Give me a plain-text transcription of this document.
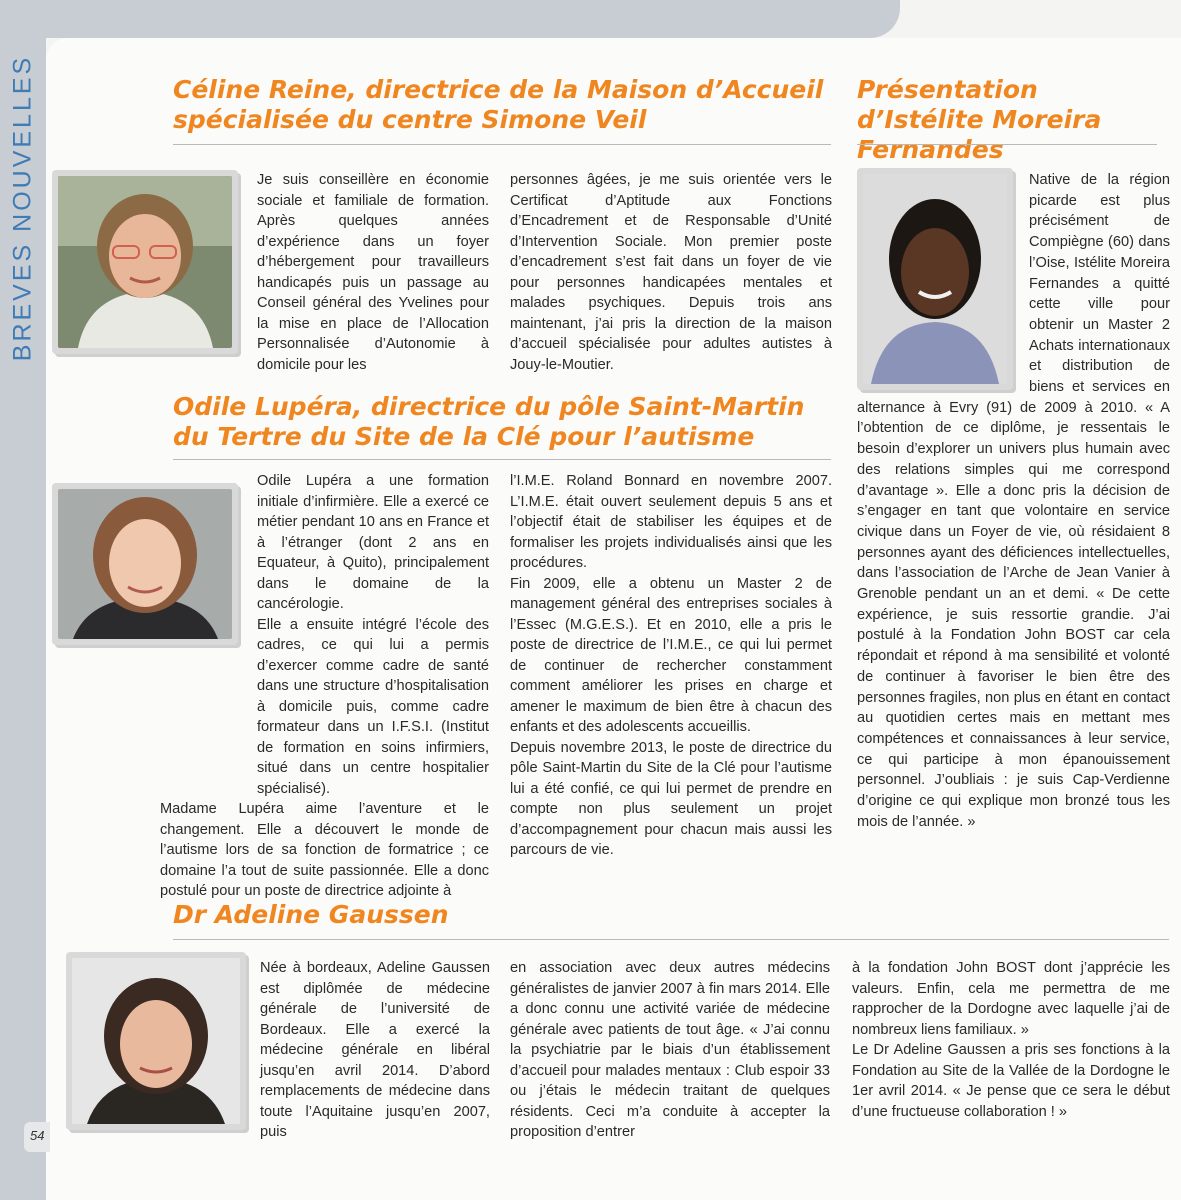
BREVES NOUVELLES	Céline Reine, directrice de la Maison d’Accueil spécialisée du centre Simone Veil
Je suis conseillère en économie sociale et familiale de formation. Après quelques années d’expérience dans un foyer d’hébergement pour travailleurs handicapés puis un passage au Conseil général des Yvelines pour la mise en place de l’Allocation Personnalisée d’Autonomie à domicile pour les
personnes âgées, je me suis orientée vers le Certificat d’Aptitude aux Fonctions d’Encadrement et de Responsable d’Unité d’Intervention Sociale. Mon premier poste d’encadrement s’est fait dans un foyer de vie pour personnes handicapées mentales et malades psychiques. Depuis trois ans maintenant, j’ai pris la direction de la maison d’accueil spécialisée pour adultes autistes à Jouy-le-Moutier.
Odile Lupéra, directrice du pôle Saint-Martin du Tertre du Site de la Clé pour l’autisme

Odile Lupéra a une formation initiale d’infirmière. Elle a exercé ce métier pendant 10 ans en France et à l’étranger (dont 2 ans en Equateur, à Quito), principalement dans le domaine de la cancérologie.

Elle a ensuite intégré l’école des cadres, ce qui lui a permis d’exercer comme cadre de santé dans une structure d’hospitalisation à domicile puis, comme cadre formateur dans un I.F.S.I. (Institut de formation en soins infirmiers, situé dans un centre hospitalier spécialisé).

Madame Lupéra aime l’aventure et le changement. Elle a découvert le monde de l’autisme lors de sa fonction de formatrice ; ce domaine l’a tout de suite passionnée. Elle a donc postulé pour un poste de directrice adjointe à

l’I.M.E. Roland Bonnard en novembre 2007. L’I.M.E. était ouvert seulement depuis 5 ans et l’objectif était de stabiliser les équipes et de formaliser les projets individualisés ainsi que les procédures.

Fin 2009, elle a obtenu un Master 2 de management général des entreprises sociales à l’Essec (M.G.E.S.). Et en 2010, elle a pris le poste de directrice de l’I.M.E., ce qui lui permet de continuer de rechercher constamment comment améliorer les prises en charge et amener le maximum de bien être à chacun des enfants et des adolescents accueillis.

Depuis novembre 2013, le poste de directrice du pôle Saint-Martin du Site de la Clé pour l’autisme lui a été confié, ce qui lui permet de prendre en compte non plus seulement un projet d’accompagnement pour chacun mais aussi les parcours de vie.

Présentation d’Istélite Moreira Fernandes
Native de la région picarde est plus précisément de Compiègne (60) dans l’Oise, Istélite Moreira Fernandes a quitté cette ville pour obtenir un Master 2 Achats internationaux et distribution de biens et services en alternance à Evry (91) de 2009 à 2010. « A l’obtention de ce diplôme, je ressentais le besoin d’explorer un univers plus humain avec des relations simples qui me correspond d’avantage ». Elle a donc pris la décision de s’engager en tant que volontaire en service civique dans un Foyer de vie, où résidaient 8 personnes ayant des déficiences intellectuelles, dans l’association de l’Arche de Jean Vanier à Grenoble pendant un an et demi. « De cette expérience, je suis ressortie grandie. J’ai postulé à la Fondation John BOST car cela répondait et répond à ma sensibilité et volonté de continuer à favoriser le bien être des personnes fragiles, non plus en étant en contact au quotidien certes mais en mettant mes compétences et connaissances à leur service, ce qui participe à mon épanouissement personnel. J’oubliais : je suis Cap-Verdienne d’origine ce qui explique mon bronzé tous les mois de l’année. »
Dr Adeline Gaussen
Née à bordeaux, Adeline Gaussen est diplômée de médecine générale de l’université de Bordeaux. Elle a exercé la médecine générale en libéral jusqu’en avril 2014. D’abord remplacements de médecine dans toute l’Aquitaine jusqu’en 2007, puis
en association avec deux autres médecins généralistes de janvier 2007 à fin mars 2014. Elle a donc connu une activité variée de médecine générale avec patients de tout âge. « J’ai connu la psychiatrie par le biais d’un établissement d’accueil pour malades mentaux : Club espoir 33 ou j’étais le médecin traitant de quelques résidents. Ceci m’a conduite à accepter la proposition d’entrer

à la fondation John BOST dont j’apprécie les valeurs. Enfin, cela me permettra de me rapprocher de la Dordogne avec laquelle j’ai de nombreux liens familiaux. »

Le Dr Adeline Gaussen a pris ses fonctions à la Fondation au Site de la Vallée de la Dordogne le 1er avril 2014. « Je pense que ce sera le début d’une fructueuse collaboration ! »

54
